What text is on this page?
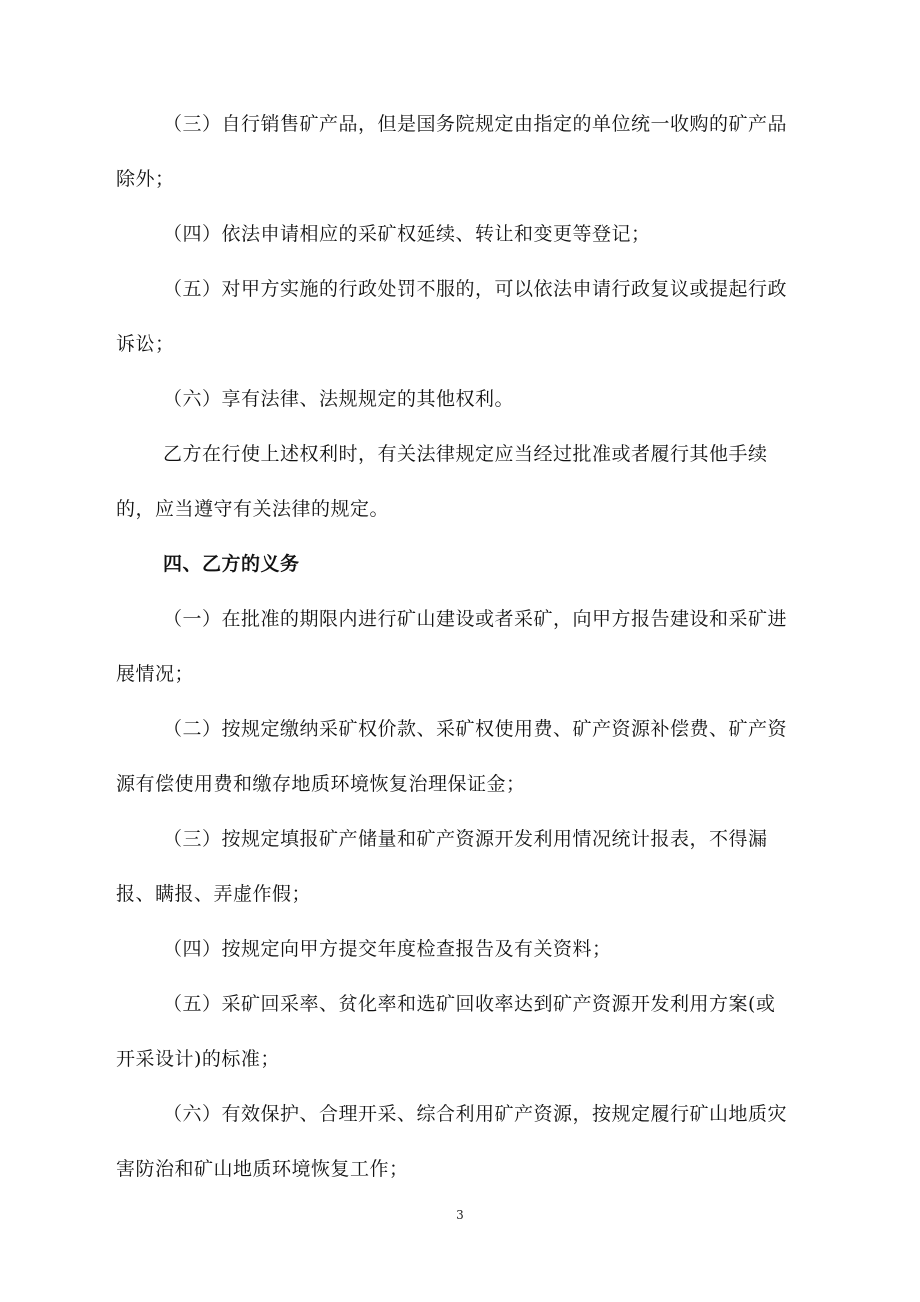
（三）自行销售矿产品，但是国务院规定由指定的单位统一收购的矿产品除外；

（四）依法申请相应的采矿权延续、转让和变更等登记；

（五）对甲方实施的行政处罚不服的，可以依法申请行政复议或提起行政诉讼；

（六）享有法律、法规规定的其他权利。

乙方在行使上述权利时，有关法律规定应当经过批准或者履行其他手续的，应当遵守有关法律的规定。

四、乙方的义务

（一）在批准的期限内进行矿山建设或者采矿，向甲方报告建设和采矿进展情况；

（二）按规定缴纳采矿权价款、采矿权使用费、矿产资源补偿费、矿产资源有偿使用费和缴存地质环境恢复治理保证金；

（三）按规定填报矿产储量和矿产资源开发利用情况统计报表，不得漏报、瞒报、弄虚作假；

（四）按规定向甲方提交年度检查报告及有关资料；

（五）采矿回采率、贫化率和选矿回收率达到矿产资源开发利用方案(或开采设计)的标准；

（六）有效保护、合理开采、综合利用矿产资源，按规定履行矿山地质灾害防治和矿山地质环境恢复工作；

3
